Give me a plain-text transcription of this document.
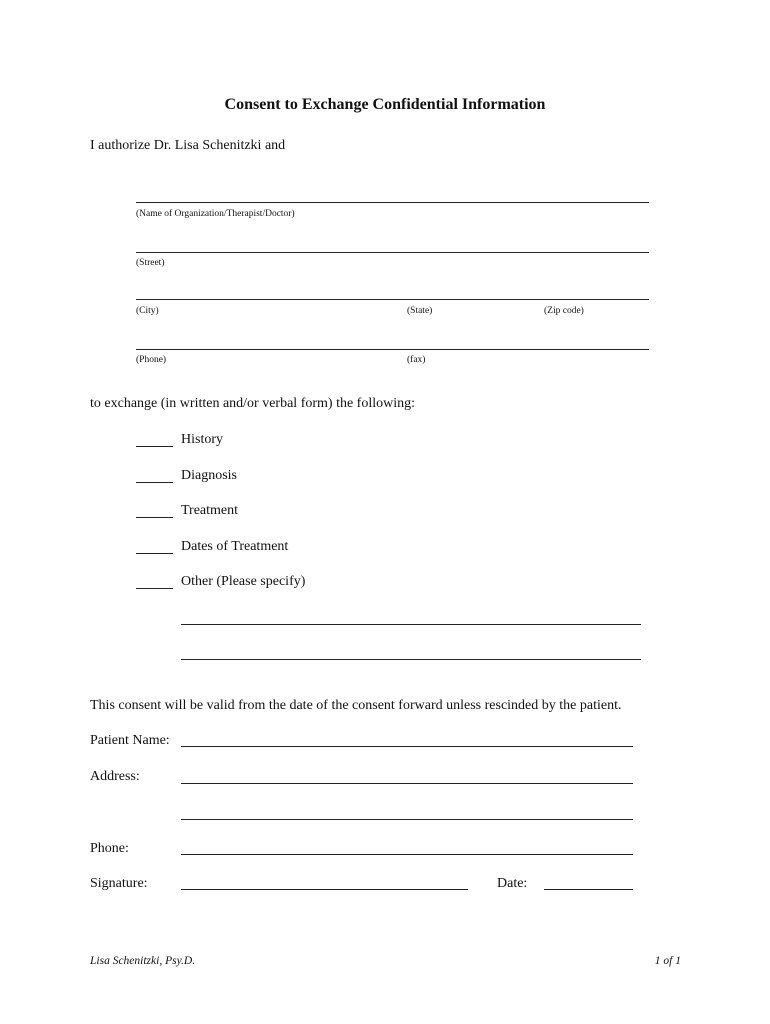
Consent to Exchange Confidential Information
I authorize Dr. Lisa Schenitzki and
(Name of Organization/Therapist/Doctor)
(Street)
(City)	(State)	(Zip code)
(Phone)	(fax)
to exchange (in written and/or verbal form) the following:
History
Diagnosis
Treatment
Dates of Treatment
Other (Please specify)
This consent will be valid from the date of the consent forward unless rescinded by the patient.
Patient Name:
Address:
Phone:
Signature:	Date:
Lisa Schenitzki, Psy.D.	1 of 1
